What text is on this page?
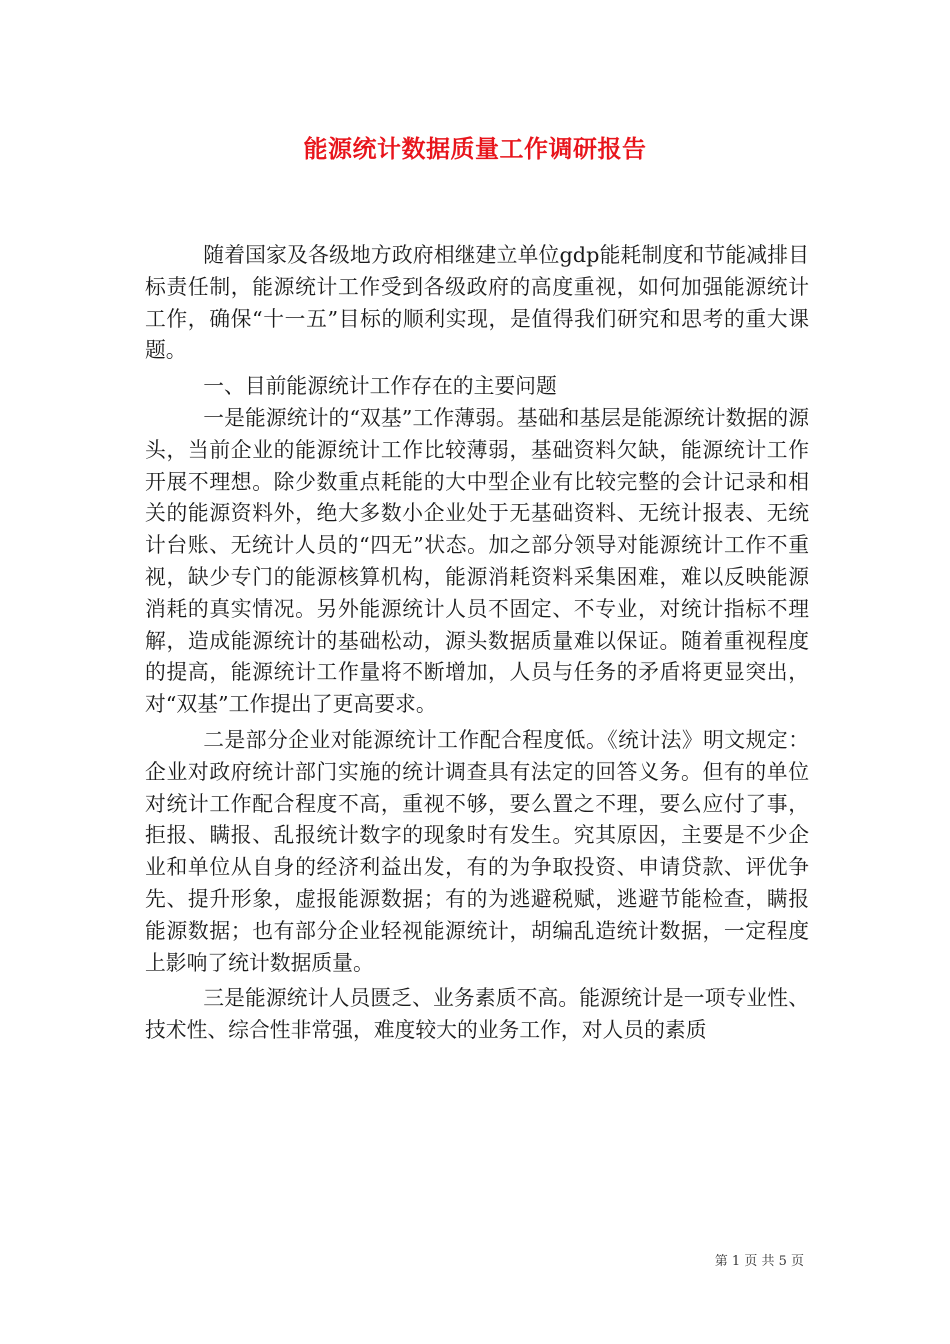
能源统计数据质量工作调研报告

随着国家及各级地方政府相继建立单位gdp能耗制度和节能减排目标责任制，能源统计工作受到各级政府的高度重视，如何加强能源统计工作，确保“十一五”目标的顺利实现，是值得我们研究和思考的重大课题。

一、目前能源统计工作存在的主要问题

一是能源统计的“双基”工作薄弱。基础和基层是能源统计数据的源头，当前企业的能源统计工作比较薄弱，基础资料欠缺，能源统计工作开展不理想。除少数重点耗能的大中型企业有比较完整的会计记录和相关的能源资料外，绝大多数小企业处于无基础资料、无统计报表、无统计台账、无统计人员的“四无”状态。加之部分领导对能源统计工作不重视，缺少专门的能源核算机构，能源消耗资料采集困难，难以反映能源消耗的真实情况。另外能源统计人员不固定、不专业，对统计指标不理解，造成能源统计的基础松动，源头数据质量难以保证。随着重视程度的提高，能源统计工作量将不断增加，人员与任务的矛盾将更显突出，对“双基”工作提出了更高要求。

二是部分企业对能源统计工作配合程度低。《统计法》明文规定：企业对政府统计部门实施的统计调查具有法定的回答义务。但有的单位对统计工作配合程度不高，重视不够，要么置之不理，要么应付了事，拒报、瞒报、乱报统计数字的现象时有发生。究其原因，主要是不少企业和单位从自身的经济利益出发，有的为争取投资、申请贷款、评优争先、提升形象，虚报能源数据；有的为逃避税赋，逃避节能检查，瞒报能源数据；也有部分企业轻视能源统计，胡编乱造统计数据，一定程度上影响了统计数据质量。

三是能源统计人员匮乏、业务素质不高。能源统计是一项专业性、技术性、综合性非常强，难度较大的业务工作，对人员的素质

第 1 页 共 5 页
